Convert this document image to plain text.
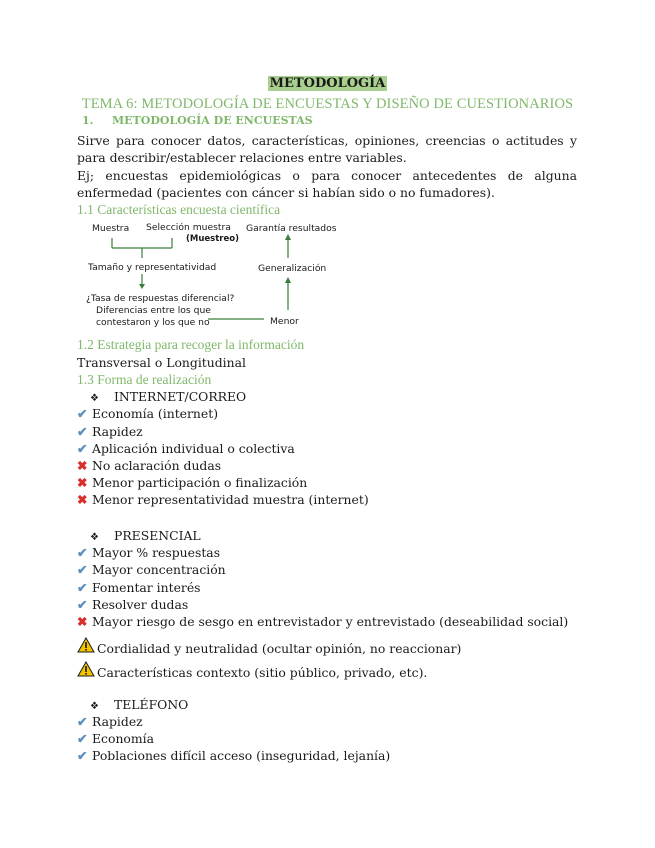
METODOLOGÍA
TEMA 6: METODOLOGÍA DE ENCUESTAS Y DISEÑO DE CUESTIONARIOS
1. METODOLOGÍA DE ENCUESTAS
Sirve para conocer datos, características, opiniones, creencias o actitudes y para describir/establecer relaciones entre variables.
Ej; encuestas epidemiológicas o para conocer antecedentes de alguna enfermedad (pacientes con cáncer si habían sido o no fumadores).
1.1 Características encuesta científica
Muestra Selección muestra
(Muestreo)
Garantía resultados
Tamaño y representatividad
¿Tasa de respuestas diferencial?
Diferencias entre los que
contestaron y los que no
Generalización
Menor
1.2 Estrategia para recoger la información
Transversal o Longitudinal
1.3 Forma de realización
❖ INTERNET/CORREO
✔ Economía (internet)
✔ Rapidez
✔ Aplicación individual o colectiva
✖ No aclaración dudas
✖ Menor participación o finalización
✖ Menor representatividad muestra (internet)
❖ PRESENCIAL
✔ Mayor % respuestas
✔ Mayor concentración
✔ Fomentar interés
✔ Resolver dudas
✖ Mayor riesgo de sesgo en entrevistador y entrevistado (deseabilidad social)
Cordialidad y neutralidad (ocultar opinión, no reaccionar)
Características contexto (sitio público, privado, etc).
❖ TELÉFONO
✔ Rapidez
✔ Economía
✔ Poblaciones difícil acceso (inseguridad, lejanía)
